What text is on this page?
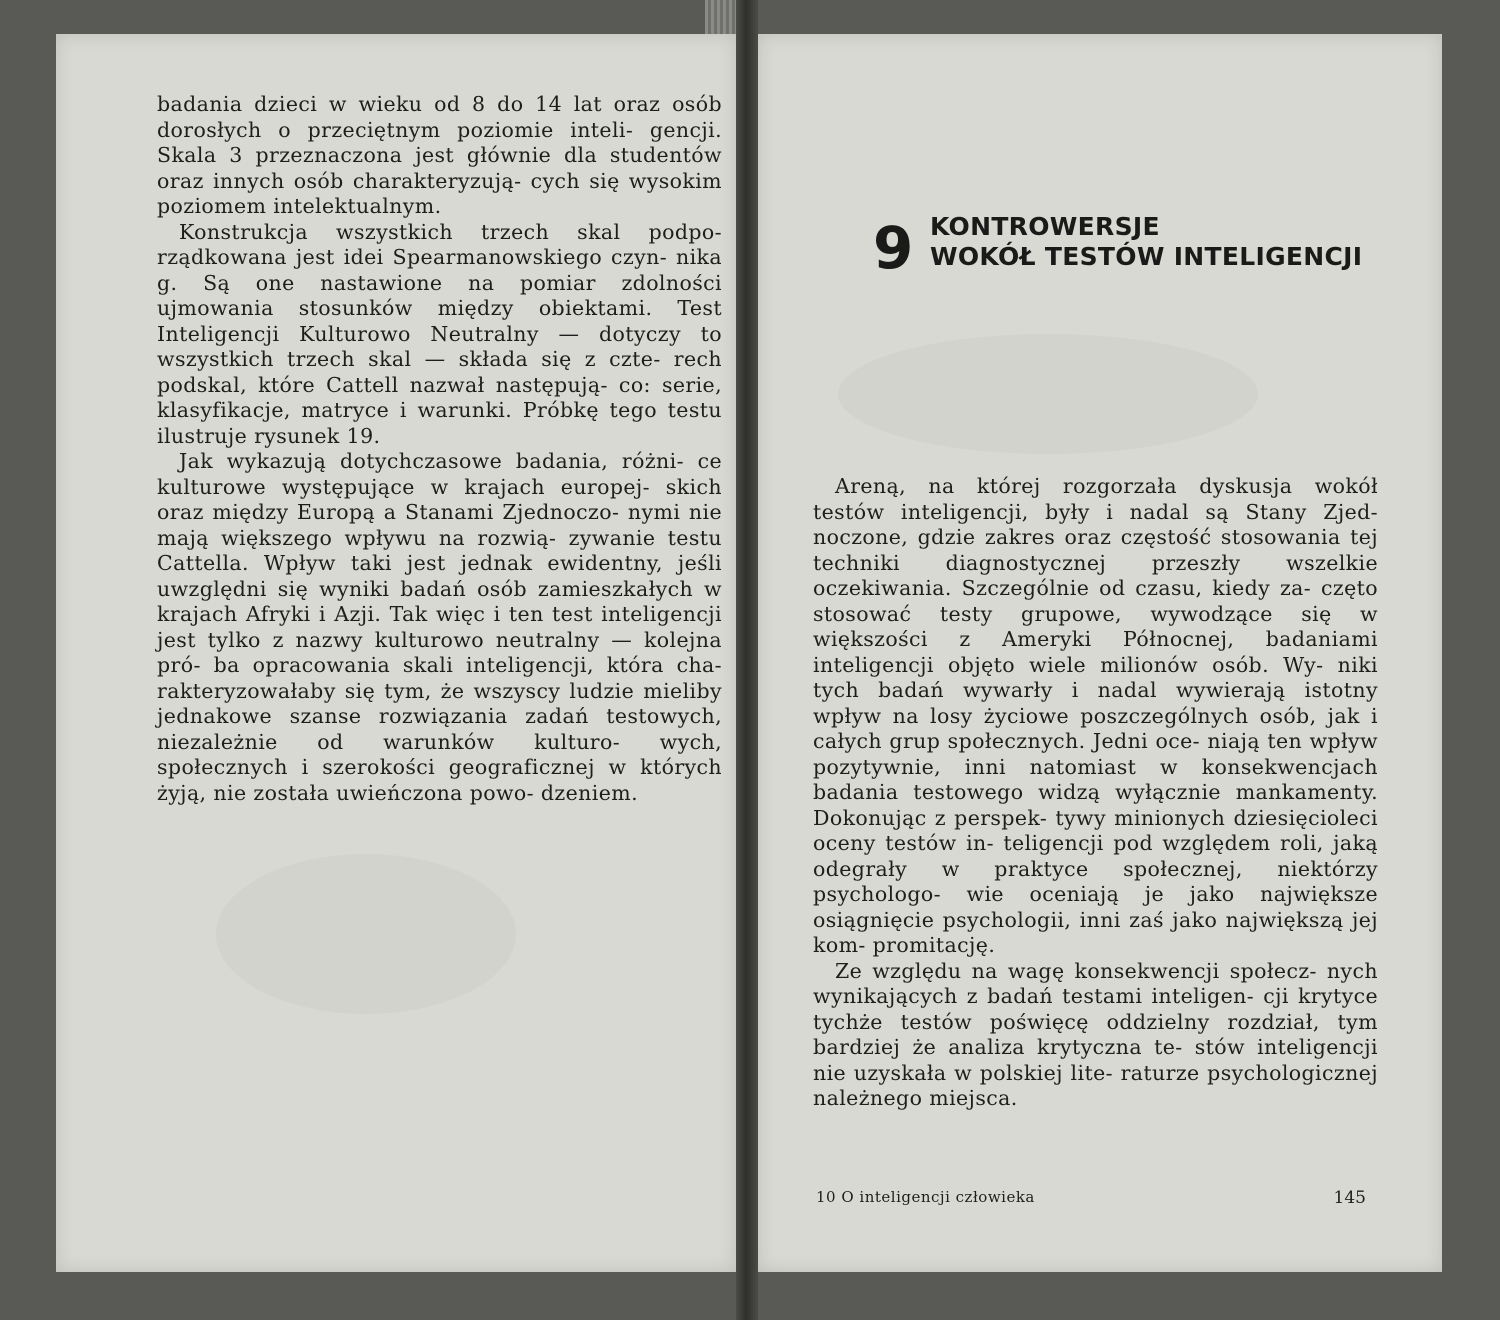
badania dzieci w wieku od 8 do 14 lat oraz osób dorosłych o przeciętnym poziomie inteli- gencji. Skala 3 przeznaczona jest głównie dla studentów oraz innych osób charakteryzują- cych się wysokim poziomem intelektualnym.

Konstrukcja wszystkich trzech skal podpo- rządkowana jest idei Spearmanowskiego czyn- nika g. Są one nastawione na pomiar zdolności ujmowania stosunków między obiektami. Test Inteligencji Kulturowo Neutralny — dotyczy to wszystkich trzech skal — składa się z czte- rech podskal, które Cattell nazwał następują- co: serie, klasyfikacje, matryce i warunki. Próbkę tego testu ilustruje rysunek 19.

Jak wykazują dotychczasowe badania, różni- ce kulturowe występujące w krajach europej- skich oraz między Europą a Stanami Zjednoczo- nymi nie mają większego wpływu na rozwią- zywanie testu Cattella. Wpływ taki jest jednak ewidentny, jeśli uwzględni się wyniki badań osób zamieszkałych w krajach Afryki i Azji. Tak więc i ten test inteligencji jest tylko z nazwy kulturowo neutralny — kolejna pró- ba opracowania skali inteligencji, która cha- rakteryzowałaby się tym, że wszyscy ludzie mieliby jednakowe szanse rozwiązania zadań testowych, niezależnie od warunków kulturo- wych, społecznych i szerokości geograficznej w których żyją, nie została uwieńczona powo- dzeniem.

9 KONTROWERSJE
WOKÓŁ TESTÓW INTELIGENCJI

Areną, na której rozgorzała dyskusja wokół testów inteligencji, były i nadal są Stany Zjed- noczone, gdzie zakres oraz częstość stosowania tej techniki diagnostycznej przeszły wszelkie oczekiwania. Szczególnie od czasu, kiedy za- częto stosować testy grupowe, wywodzące się w większości z Ameryki Północnej, badaniami inteligencji objęto wiele milionów osób. Wy- niki tych badań wywarły i nadal wywierają istotny wpływ na losy życiowe poszczególnych osób, jak i całych grup społecznych. Jedni oce- niają ten wpływ pozytywnie, inni natomiast w konsekwencjach badania testowego widzą wyłącznie mankamenty. Dokonując z perspek- tywy minionych dziesięcioleci oceny testów in- teligencji pod względem roli, jaką odegrały w praktyce społecznej, niektórzy psychologo- wie oceniają je jako największe osiągnięcie psychologii, inni zaś jako największą jej kom- promitację.

Ze względu na wagę konsekwencji społecz- nych wynikających z badań testami inteligen- cji krytyce tychże testów poświęcę oddzielny rozdział, tym bardziej że analiza krytyczna te- stów inteligencji nie uzyskała w polskiej lite- raturze psychologicznej należnego miejsca.

10 O inteligencji człowieka	145
